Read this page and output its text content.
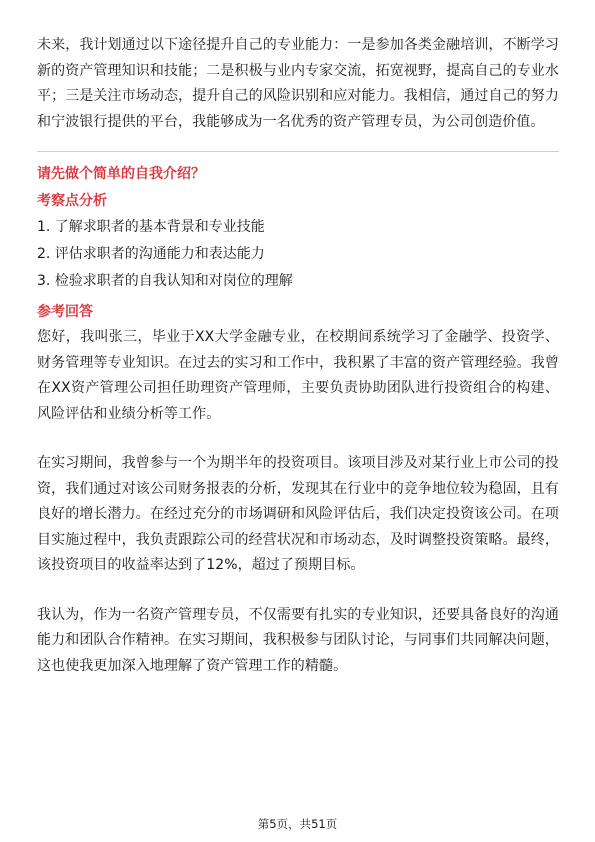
未来，我计划通过以下途径提升自己的专业能力：一是参加各类金融培训，不断学习新的资产管理知识和技能；二是积极与业内专家交流，拓宽视野，提高自己的专业水平；三是关注市场动态，提升自己的风险识别和应对能力。我相信，通过自己的努力和宁波银行提供的平台，我能够成为一名优秀的资产管理专员，为公司创造价值。

请先做个简单的自我介绍？

考察点分析

1. 了解求职者的基本背景和专业技能

2. 评估求职者的沟通能力和表达能力

3. 检验求职者的自我认知和对岗位的理解

参考回答

您好，我叫张三，毕业于XX大学金融专业，在校期间系统学习了金融学、投资学、财务管理等专业知识。在过去的实习和工作中，我积累了丰富的资产管理经验。我曾在XX资产管理公司担任助理资产管理师，主要负责协助团队进行投资组合的构建、风险评估和业绩分析等工作。

在实习期间，我曾参与一个为期半年的投资项目。该项目涉及对某行业上市公司的投资，我们通过对该公司财务报表的分析，发现其在行业中的竞争地位较为稳固，且有良好的增长潜力。在经过充分的市场调研和风险评估后，我们决定投资该公司。在项目实施过程中，我负责跟踪公司的经营状况和市场动态，及时调整投资策略。最终，该投资项目的收益率达到了12%，超过了预期目标。

我认为，作为一名资产管理专员，不仅需要有扎实的专业知识，还要具备良好的沟通能力和团队合作精神。在实习期间，我积极参与团队讨论，与同事们共同解决问题，这也使我更加深入地理解了资产管理工作的精髓。

第5页，共51页
